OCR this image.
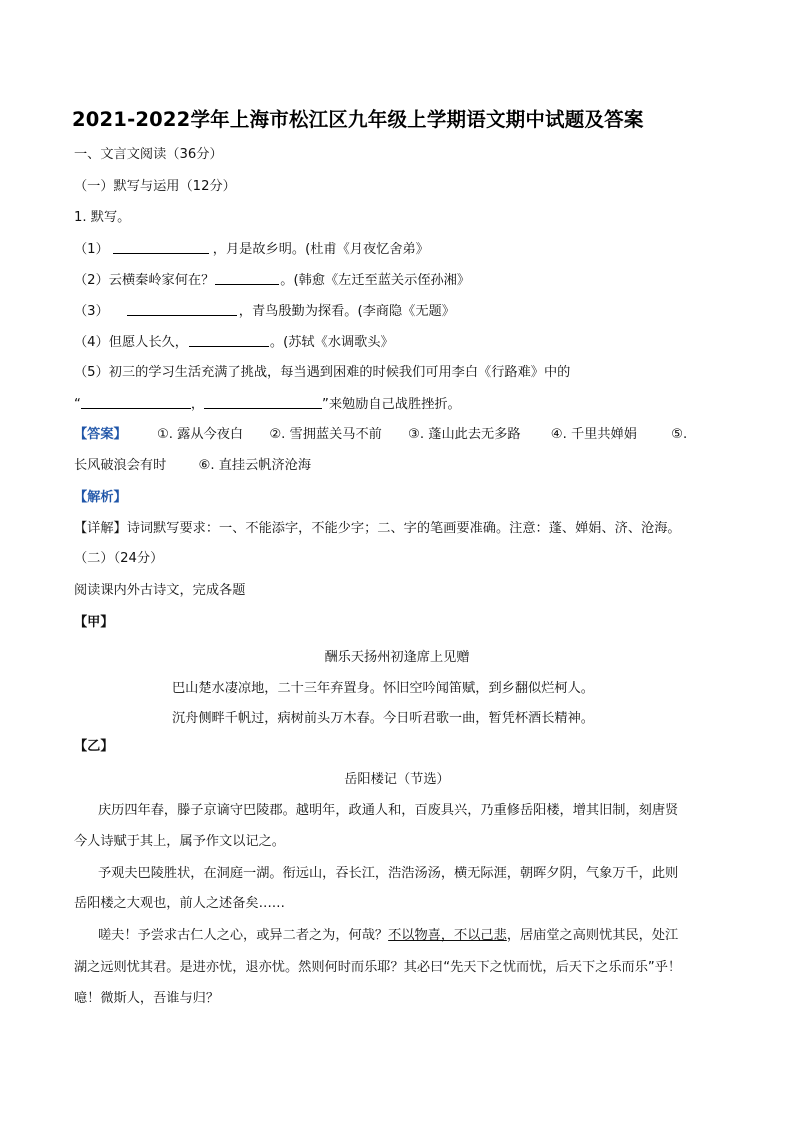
2021-2022学年上海市松江区九年级上学期语文期中试题及答案
一、文言文阅读（36分）
（一）默写与运用（12分）
1. 默写。
（1）	，月是故乡明。(杜甫《月夜忆舍弟》
（2）云横秦岭家何在？	。(韩愈《左迁至蓝关示侄孙湘》
（3）	，青鸟殷勤为探看。(李商隐《无题》
（4）但愿人长久，	。(苏轼《水调歌头》
（5）初三的学习生活充满了挑战，每当遇到困难的时候我们可用李白《行路难》中的
“	，	”来勉励自己战胜挫折。
【答案】 ①. 露从今夜白 ②. 雪拥蓝关马不前 ③. 蓬山此去无多路 ④. 千里共婵娟	⑤.
长风破浪会有时 ⑥. 直挂云帆济沧海
【解析】
【详解】诗词默写要求：一、不能添字，不能少字；二、字的笔画要准确。注意：蓬、婵娟、济、沧海。
（二）（24分）
阅读课内外古诗文，完成各题
【甲】
酬乐天扬州初逢席上见赠
巴山楚水凄凉地，二十三年弃置身。怀旧空吟闻笛赋，到乡翻似烂柯人。
沉舟侧畔千帆过，病树前头万木春。今日听君歌一曲，暂凭杯酒长精神。
【乙】
岳阳楼记（节选）
庆历四年春，滕子京谪守巴陵郡。越明年，政通人和，百废具兴，乃重修岳阳楼，增其旧制，刻唐贤
今人诗赋于其上，属予作文以记之。
予观夫巴陵胜状，在洞庭一湖。衔远山，吞长江，浩浩汤汤，横无际涯，朝晖夕阴，气象万千，此则
岳阳楼之大观也，前人之述备矣……
嗟夫！予尝求古仁人之心，或异二者之为，何哉？不以物喜，不以己悲，居庙堂之高则忧其民，处江
湖之远则忧其君。是进亦忧，退亦忧。然则何时而乐耶？其必曰“先天下之忧而忧，后天下之乐而乐”乎！
噫！微斯人，吾谁与归？
